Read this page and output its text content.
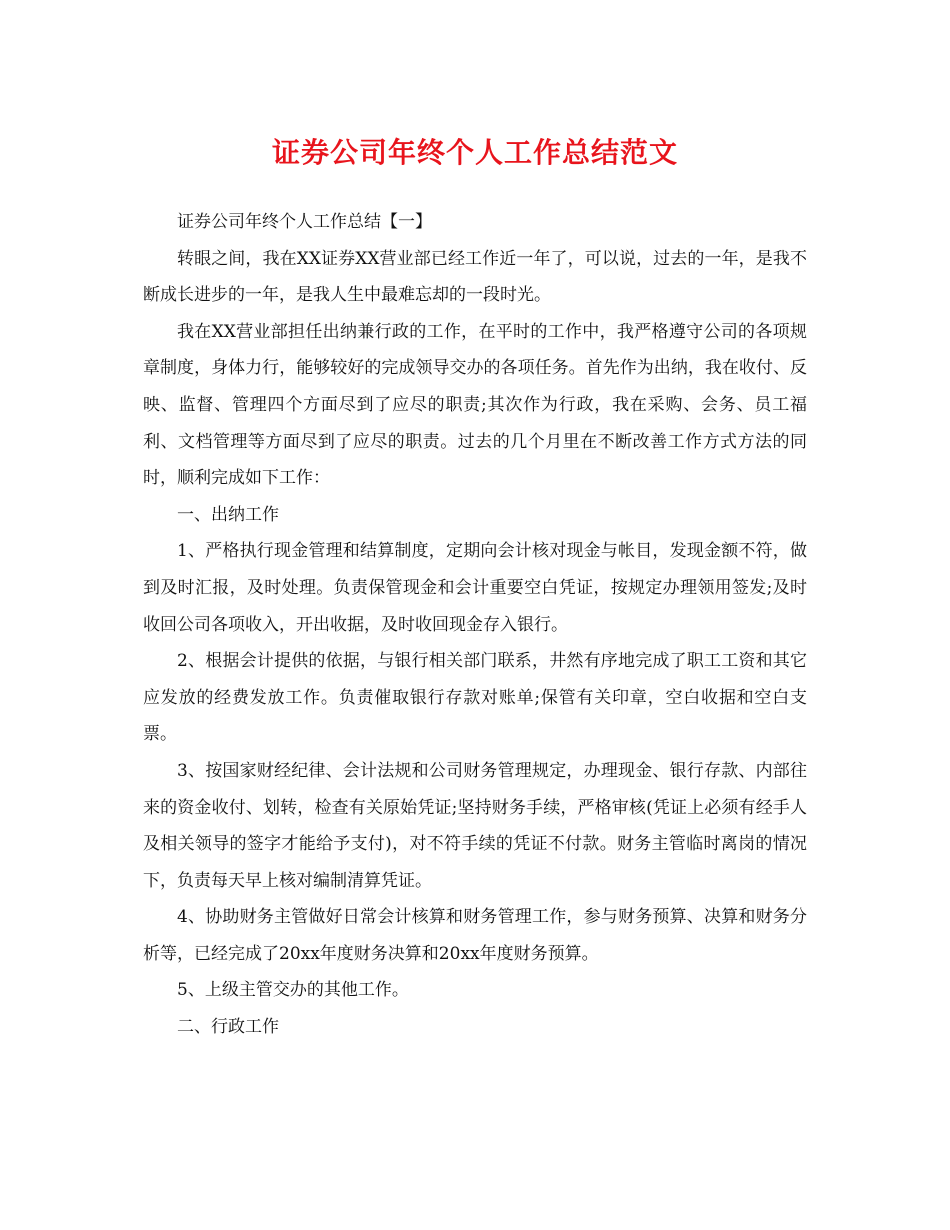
证券公司年终个人工作总结范文

证券公司年终个人工作总结【一】

转眼之间，我在XX证券XX营业部已经工作近一年了，可以说，过去的一年，是我不断成长进步的一年，是我人生中最难忘却的一段时光。

我在XX营业部担任出纳兼行政的工作，在平时的工作中，我严格遵守公司的各项规章制度，身体力行，能够较好的完成领导交办的各项任务。首先作为出纳，我在收付、反映、监督、管理四个方面尽到了应尽的职责;其次作为行政，我在采购、会务、员工福利、文档管理等方面尽到了应尽的职责。过去的几个月里在不断改善工作方式方法的同时，顺利完成如下工作：

一、出纳工作

1、严格执行现金管理和结算制度，定期向会计核对现金与帐目，发现金额不符，做到及时汇报，及时处理。负责保管现金和会计重要空白凭证，按规定办理领用签发;及时收回公司各项收入，开出收据，及时收回现金存入银行。

2、根据会计提供的依据，与银行相关部门联系，井然有序地完成了职工工资和其它应发放的经费发放工作。负责催取银行存款对账单;保管有关印章，空白收据和空白支票。

3、按国家财经纪律、会计法规和公司财务管理规定，办理现金、银行存款、内部往来的资金收付、划转，检查有关原始凭证;坚持财务手续，严格审核(凭证上必须有经手人及相关领导的签字才能给予支付)，对不符手续的凭证不付款。财务主管临时离岗的情况下，负责每天早上核对编制清算凭证。

4、协助财务主管做好日常会计核算和财务管理工作，参与财务预算、决算和财务分析等，已经完成了20xx年度财务决算和20xx年度财务预算。

5、上级主管交办的其他工作。

二、行政工作
